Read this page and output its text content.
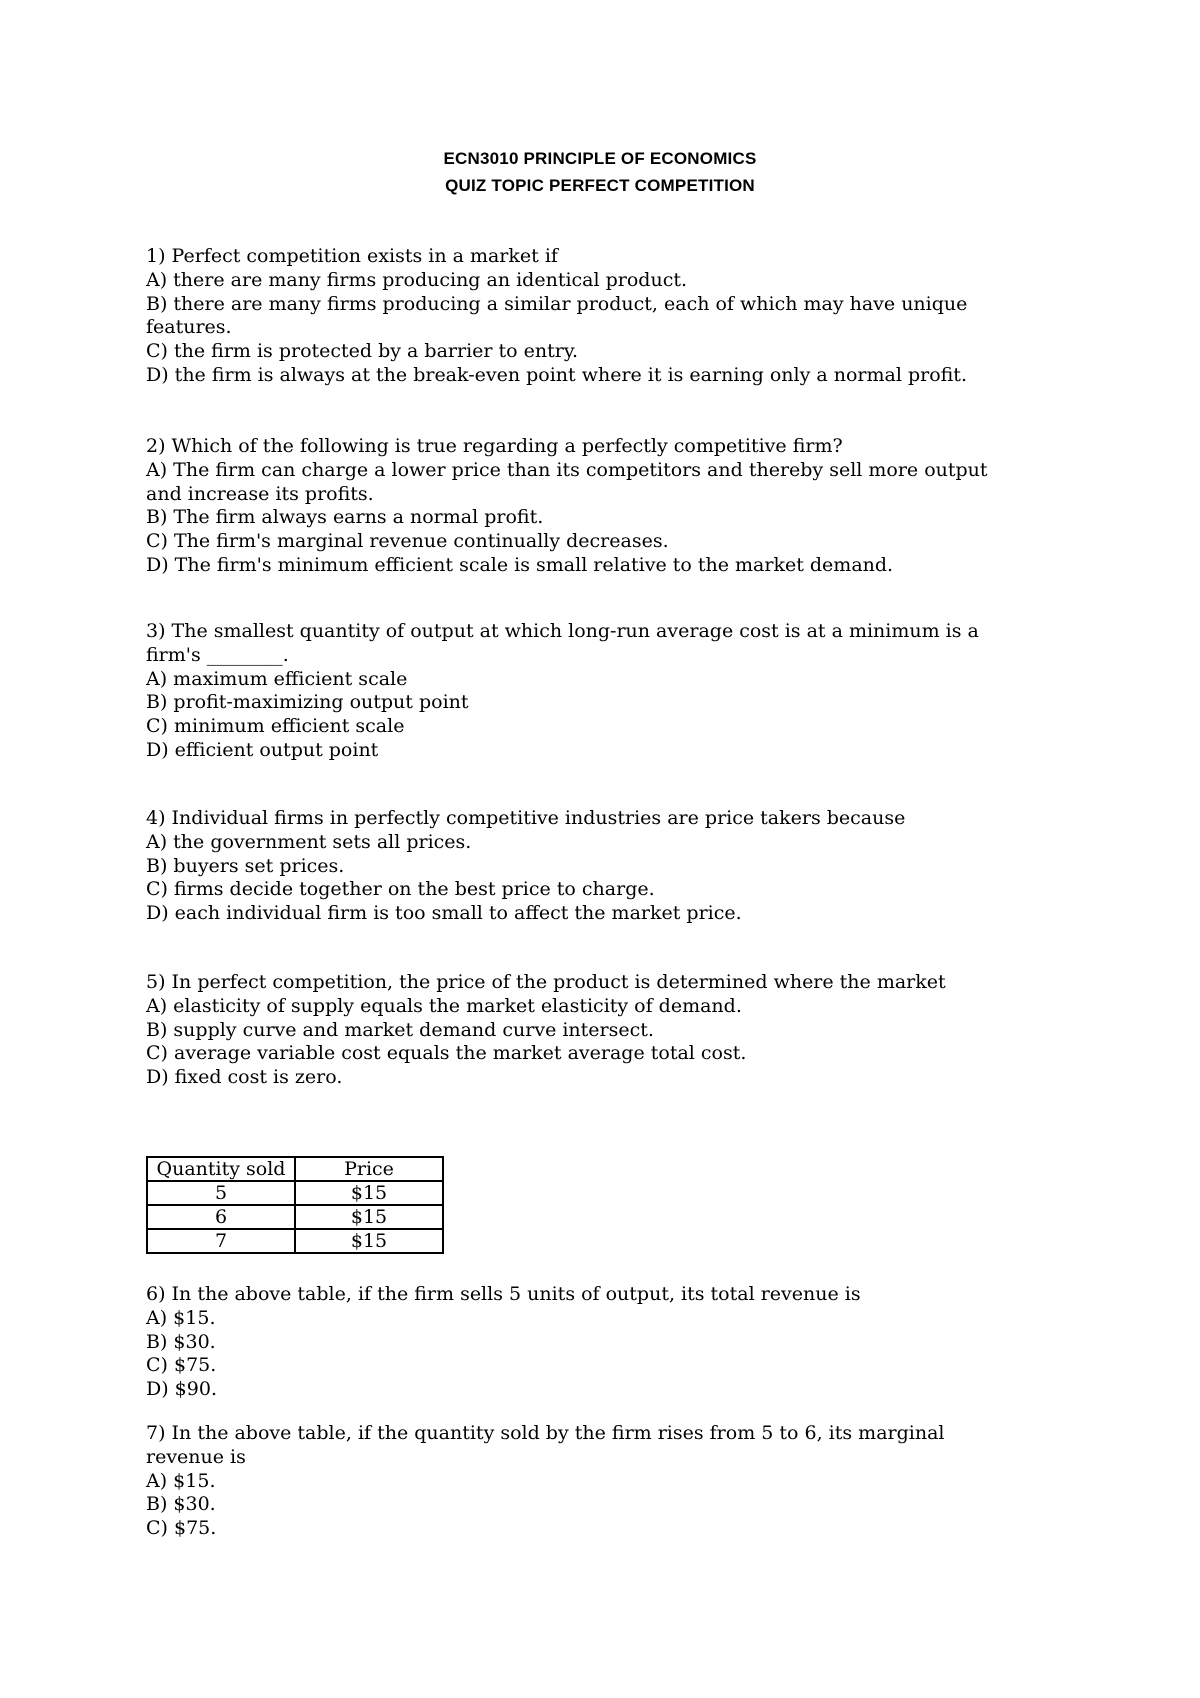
ECN3010 PRINCIPLE OF ECONOMICS
QUIZ TOPIC PERFECT COMPETITION
1) Perfect competition exists in a market if
A) there are many firms producing an identical product.
B) there are many firms producing a similar product, each of which may have unique
features.
C) the firm is protected by a barrier to entry.
D) the firm is always at the break-even point where it is earning only a normal profit.
2) Which of the following is true regarding a perfectly competitive firm?
A) The firm can charge a lower price than its competitors and thereby sell more output
and increase its profits.
B) The firm always earns a normal profit.
C) The firm's marginal revenue continually decreases.
D) The firm's minimum efficient scale is small relative to the market demand.
3) The smallest quantity of output at which long-run average cost is at a minimum is a
firm's ________.
A) maximum efficient scale
B) profit-maximizing output point
C) minimum efficient scale
D) efficient output point
4) Individual firms in perfectly competitive industries are price takers because
A) the government sets all prices.
B) buyers set prices.
C) firms decide together on the best price to charge.
D) each individual firm is too small to affect the market price.
5) In perfect competition, the price of the product is determined where the market
A) elasticity of supply equals the market elasticity of demand.
B) supply curve and market demand curve intersect.
C) average variable cost equals the market average total cost.
D) fixed cost is zero.
Quantity sold	Price
5	$15
6	$15
7	$15
6) In the above table, if the firm sells 5 units of output, its total revenue is
A) $15.
B) $30.
C) $75.
D) $90.
7) In the above table, if the quantity sold by the firm rises from 5 to 6, its marginal
revenue is
A) $15.
B) $30.
C) $75.
